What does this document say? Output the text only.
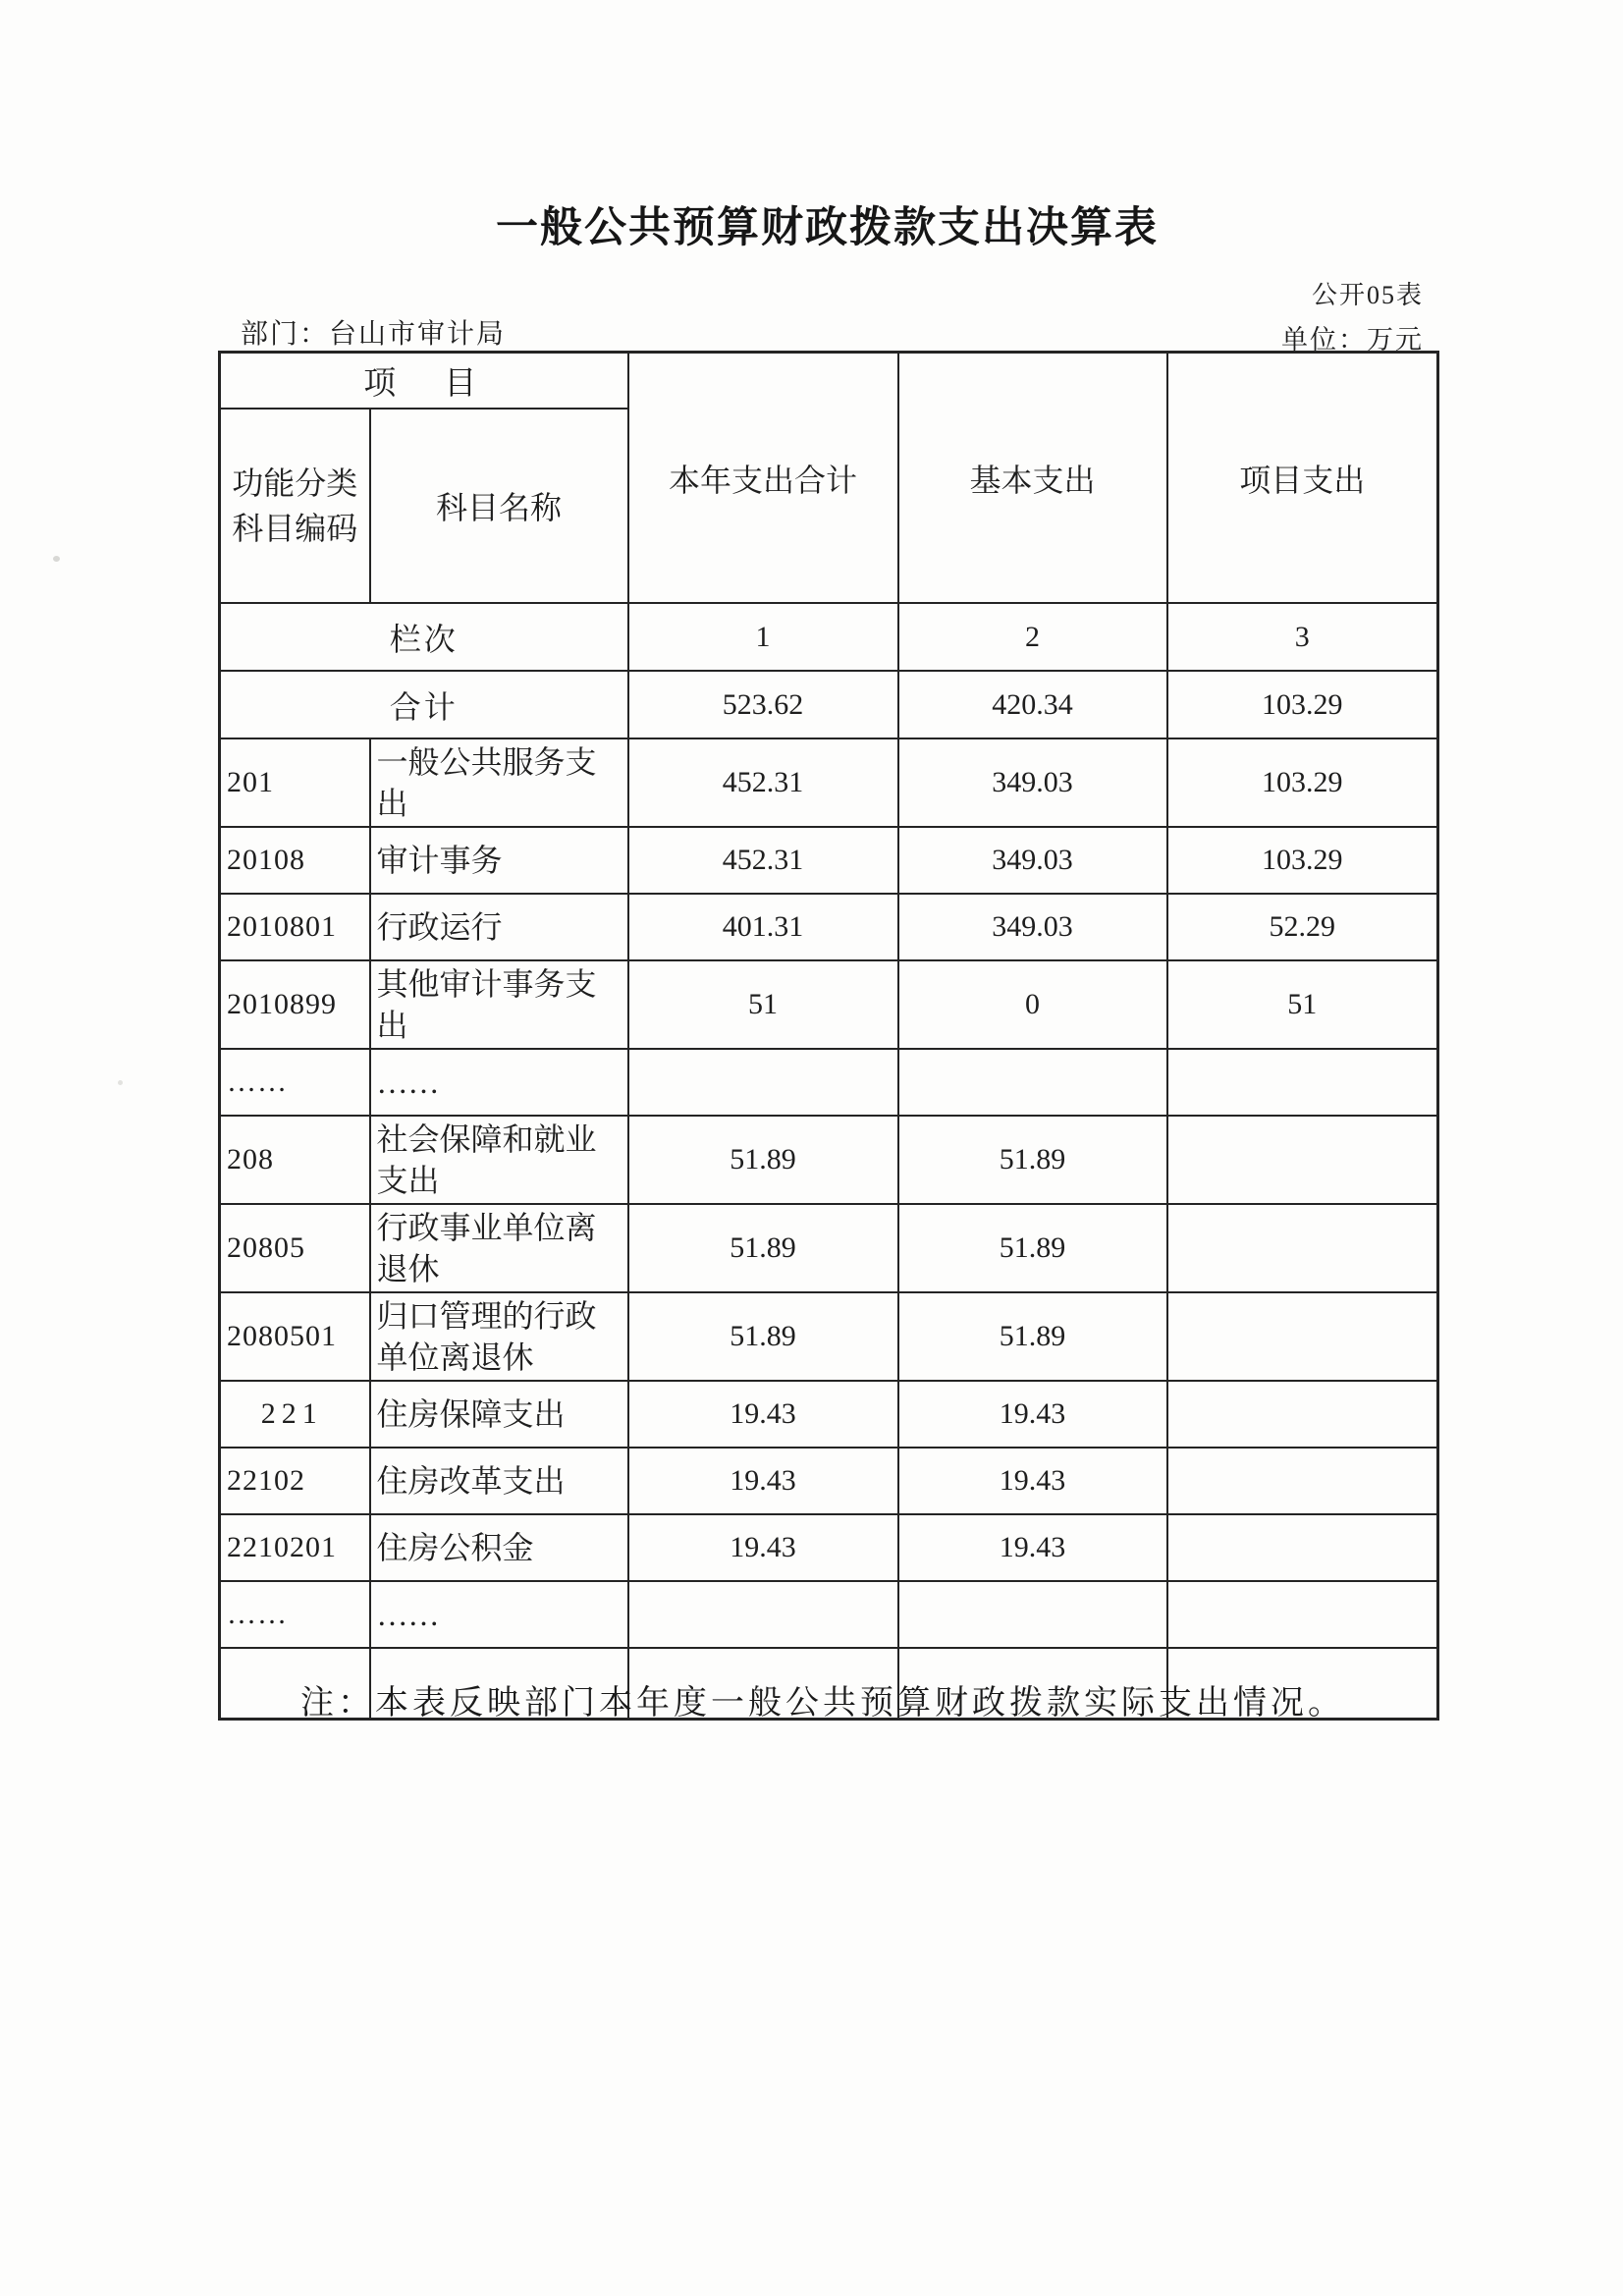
一般公共预算财政拨款支出决算表
公开05表
部门：台山市审计局	单位：万元
项　目		本年支出合计	基本支出	项目支出
功能分类科目编码	科目名称			
栏次		1	2	3
合计		523.62	420.34	103.29
201	一般公共服务支出	452.31	349.03	103.29
20108	审计事务	452.31	349.03	103.29
2010801	行政运行	401.31	349.03	52.29
2010899	其他审计事务支出	51	0	51
……	……			
208	社会保障和就业支出	51.89	51.89	
20805	行政事业单位离退休	51.89	51.89	
2080501	归口管理的行政单位离退休	51.89	51.89	
221	住房保障支出	19.43	19.43	
22102	住房改革支出	19.43	19.43	
2210201	住房公积金	19.43	19.43	
……	……			

注：本表反映部门本年度一般公共预算财政拨款实际支出情况。
